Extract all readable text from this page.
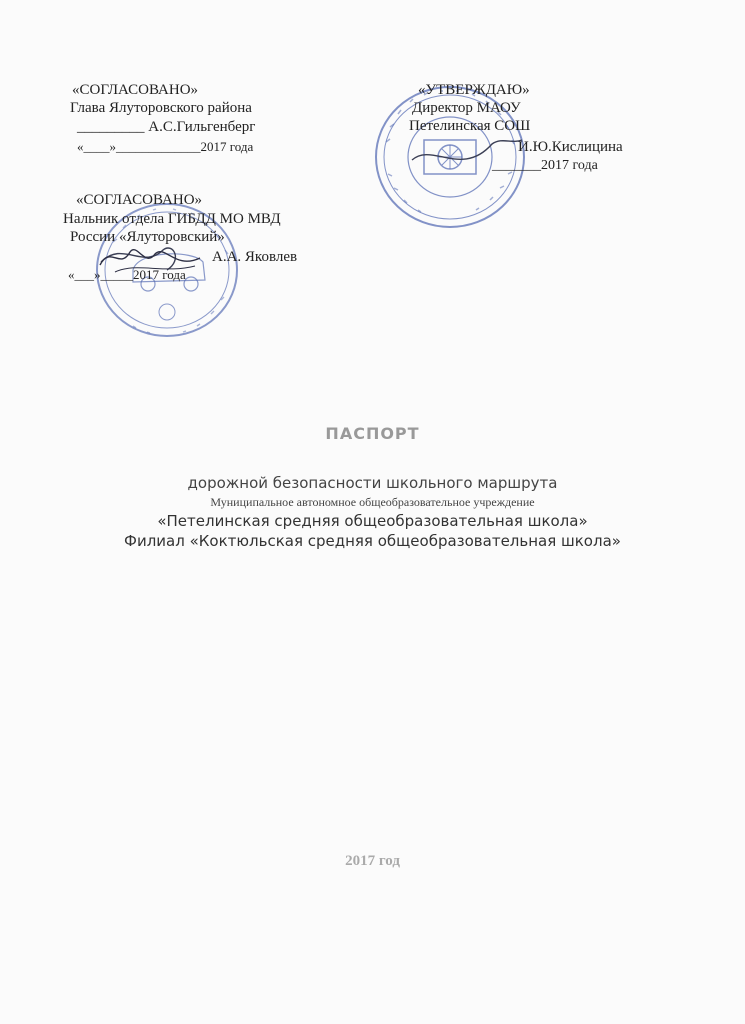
«СОГЛАСОВАНО»
Глава Ялуторовского района
_________ А.С.Гильгенберг
«____»_____________2017 года
«УТВЕРЖДАЮ»
Директор МАОУ
Петелинская СОШ
И.Ю.Кислицина
_______2017 года
«СОГЛАСОВАНО»
Нальник отдела ГИБДД МО МВД
России «Ялуторовский»
А.А. Яковлев
«___»_____2017 года
ПАСПОРТ
дорожной безопасности школьного маршрута
Муниципальное автономное общеобразовательное учреждение
«Петелинская средняя общеобразовательная школа»
Филиал «Коктюльская средняя общеобразовательная школа»
2017 год
